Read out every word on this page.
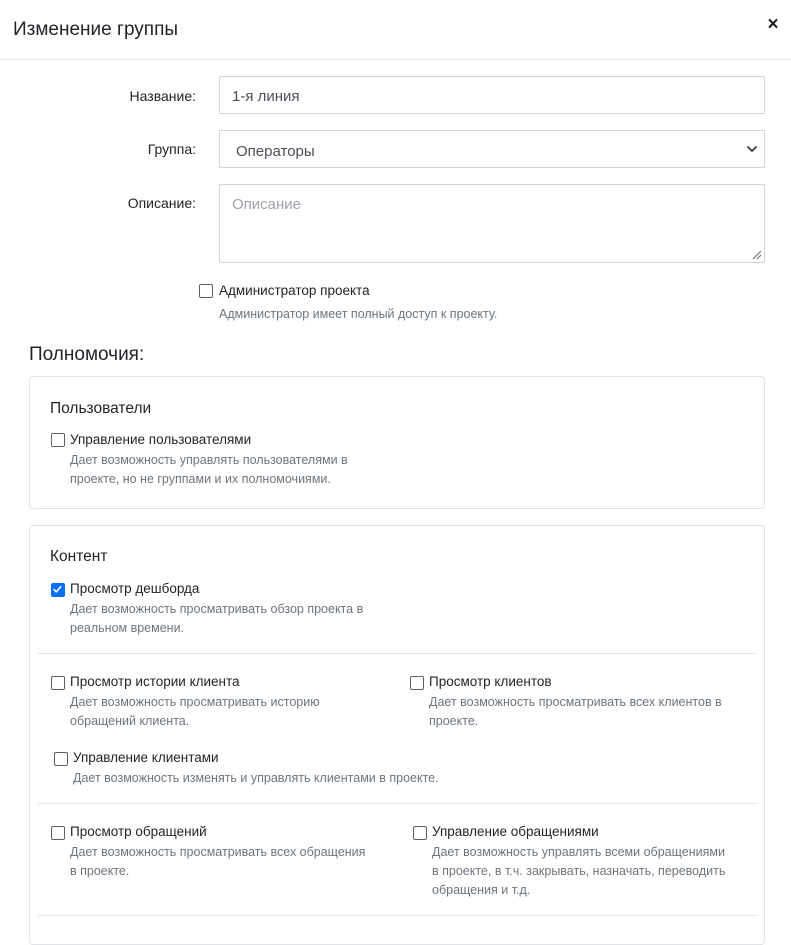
Изменение группы	×
Название: 1-я линия
Группа:	Операторы
Описание: Описание
Администратор проекта
Администратор имеет полный доступ к проекту.
Полномочия:
Пользователи
Управление пользователями
Дает возможность управлять пользователями в
проекте, но не группами и их полномочиями.
Контент
Просмотр дешборда
Дает возможность просматривать обзор проекта в
реальном времени.
Просмотр истории клиента
Дает возможность просматривать историю
обращений клиента.
Просмотр клиентов
Дает возможность просматривать всех клиентов в
проекте.
Управление клиентами
Дает возможность изменять и управлять клиентами в проекте.
Просмотр обращений
Дает возможность просматривать всех обращения
в проекте.
Управление обращениями
Дает возможность управлять всеми обращениями
в проекте, в т.ч. закрывать, назначать, переводить
обращения и т.д.
